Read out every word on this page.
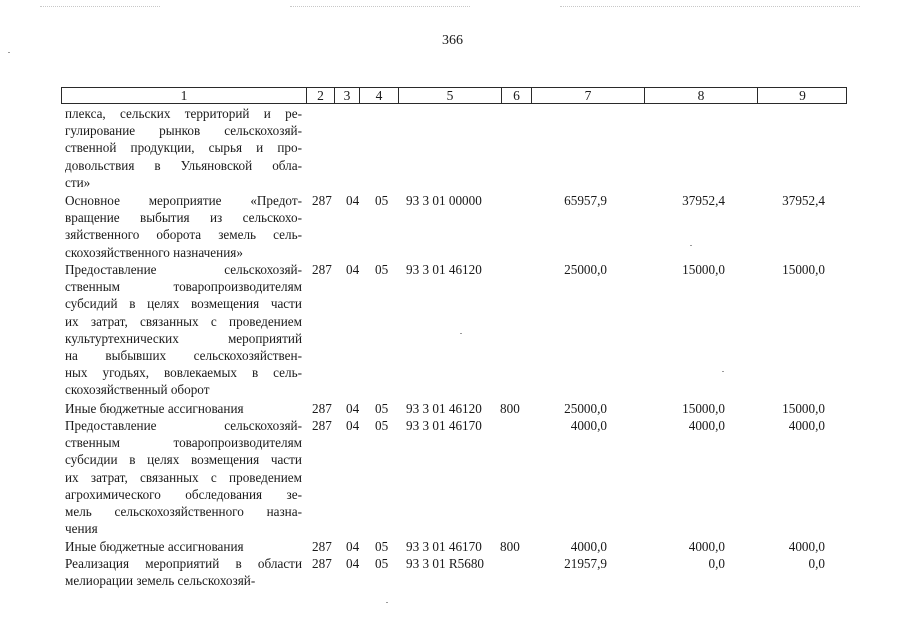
366
1	2	3	4	5	6	7	8	9
плекса, сельских территорий и ре-
гулирование рынков сельскохозяй-
ственной продукции, сырья и про-
довольствия в Ульяновской обла-
сти»
Основное мероприятие «Предот-
вращение выбытия из сельскохо-
зяйственного оборота земель сель-
скохозяйственного назначения»
287 04 05 93 3 01 00000	65957,9	37952,4	37952,4
Предоставление сельскохозяй-
ственным товаропроизводителям
субсидий в целях возмещения части
их затрат, связанных с проведением
культуртехнических мероприятий
на выбывших сельскохозяйствен-
ных угодьях, вовлекаемых в сель-
скохозяйственный оборот
287 04 05 93 3 01 46120	25000,0	15000,0	15000,0
Иные бюджетные ассигнования	287 04 05 93 3 01 46120 800	25000,0	15000,0	15000,0
Предоставление сельскохозяй-
ственным товаропроизводителям
субсидии в целях возмещения части
их затрат, связанных с проведением
агрохимического обследования зе-
мель сельскохозяйственного назна-
чения
287 04 05 93 3 01 46170	4000,0	4000,0	4000,0
Иные бюджетные ассигнования	287 04 05 93 3 01 46170 800	4000,0	4000,0	4000,0
Реализация мероприятий в области
мелиорации земель сельскохозяй-
287 04 05 93 3 01 R5680	21957,9	0,0	0,0
